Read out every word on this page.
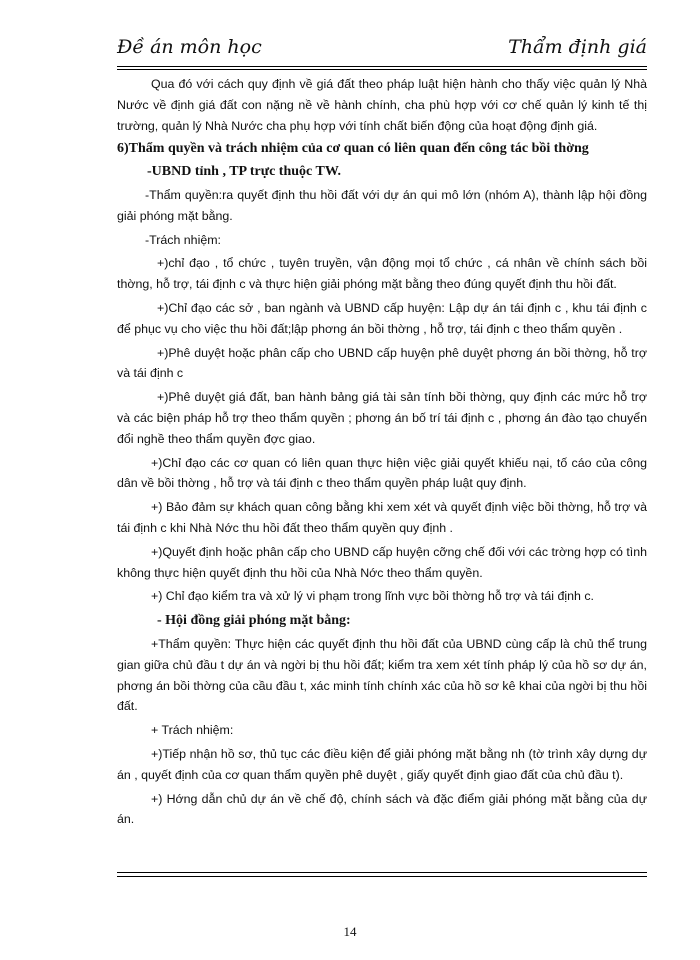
Đề án môn học	Thẩm định giá

Qua đó với cách quy định về giá đất theo pháp luật hiện hành cho thấy việc quản lý Nhà Nước về định giá đất con nặng nề về hành chính, cha phù hợp với cơ chế quản lý kinh tế thị trường, quản lý Nhà Nước cha phụ hợp với tính chất biến động của hoạt động định giá.

6)Thẩm quyền và trách nhiệm của cơ quan có liên quan đến công tác bồi thờng

-UBND tỉnh , TP trực thuộc TW.

-Thẩm quyền:ra quyết định thu hồi đất với dự án qui mô lớn (nhóm A), thành lập hội đồng giải phóng mặt bằng.

-Trách nhiệm:

+)chỉ đạo , tổ chức , tuyên truyền, vận động mọi tổ chức , cá nhân về chính sách bồi thờng, hỗ trợ, tái định c và thực hiện giải phóng mặt bằng theo đúng quyết định thu hồi đất.

+)Chỉ đạo các sở , ban ngành và UBND cấp huyện: Lập dự án tái định c , khu tái định c để phục vụ cho việc thu hồi đất;lập phơng án bồi thờng , hỗ trợ, tái định c theo thẩm quyền .

+)Phê duyệt hoặc phân cấp cho UBND cấp huyện phê duyệt phơng án bồi thờng, hỗ trợ và tái định c

+)Phê duyệt giá đất, ban hành bảng giá tài sản tính bồi thờng, quy định các mức hỗ trợ và các biện pháp hỗ trợ theo thẩm quyền ; phơng án bố trí tái định c , phơng án đào tạo chuyển đổi nghề theo thẩm quyền đợc giao.

+)Chỉ đạo các cơ quan có liên quan thực hiện việc giải quyết khiếu nại, tố cáo của công dân về bồi thờng , hỗ trợ và tái định c theo thẩm quyền pháp luật quy định.

+) Bảo đảm sự khách quan công bằng khi xem xét và quyết định việc bồi thờng, hỗ trợ và tái định c khi Nhà Nớc thu hồi đất theo thẩm quyền quy định .

+)Quyết định hoặc phân cấp cho UBND cấp huyện cỡng chế đối với các trờng hợp có tình không thực hiện quyết định thu hồi của Nhà Nớc theo thẩm quyền.

+) Chỉ đạo kiểm tra và xử lý vi phạm trong lĩnh vực bồi thờng hỗ trợ và tái định c.

- Hội đồng giải phóng mặt bằng:

+Thẩm quyền: Thực hiện các quyết định thu hồi đất của UBND cùng cấp là chủ thể trung gian giữa chủ đầu t dự án và ngời bị thu hồi đất; kiểm tra xem xét tính pháp lý của hồ sơ dự án, phơng án bồi thờng của cầu đầu t, xác minh tính chính xác của hồ sơ kê khai của ngời bị thu hồi đất.

+ Trách nhiệm:

+)Tiếp nhận hồ sơ, thủ tục các điều kiện để giải phóng mặt bằng nh (tờ trình xây dựng dự án , quyết định của cơ quan thẩm quyền phê duyệt , giấy quyết định giao đất của chủ đầu t).

+) Hớng dẫn chủ dự án về chế độ, chính sách và đặc điểm giải phóng mặt bằng của dự án.

14
